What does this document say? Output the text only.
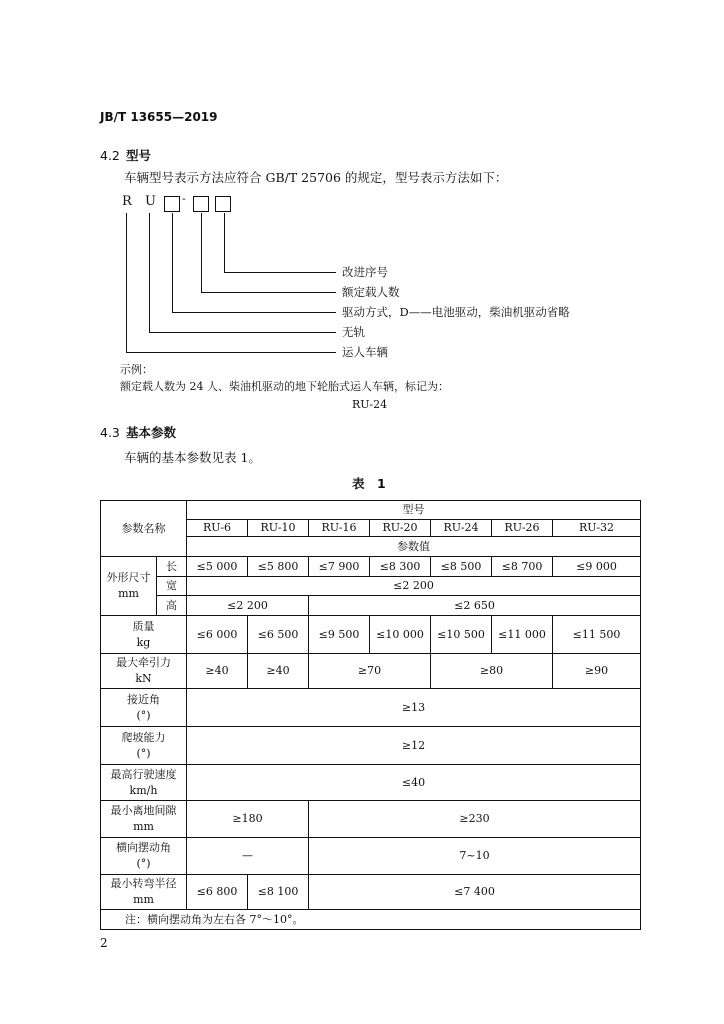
JB/T 13655—2019
4.2 型号
车辆型号表示方法应符合 GB/T 25706 的规定，型号表示方法如下：
R U -
改进序号
额定载人数
驱动方式，D——电池驱动，柴油机驱动省略
无轨
运人车辆
示例：
额定载人数为 24 人、柴油机驱动的地下轮胎式运人车辆，标记为：
RU-24
4.3 基本参数
车辆的基本参数见表 1。
表　1
参数名称		型号						
		RU-6	RU-10	RU-16	RU-20	RU-24	RU-26	RU-32
		参数值						

外形尺寸
mm	长	≤5 000	≤5 800	≤7 900	≤8 300	≤8 500	≤8 700	≤9 000
	宽	≤2 200						
	高	≤2 200		≤2 650				

质量
kg		≤6 000	≤6 500	≤9 500	≤10 000	≤10 500	≤11 000	≤11 500

最大牵引力
kN		≥40	≥40	≥70		≥80		≥90

接近角
(°)		≥13						

爬坡能力
(°)		≥12						

最高行驶速度
km/h		≤40						

最小离地间隙
mm		≥180		≥230				

横向摆动角
(°)		—		7~10				

最小转弯半径
mm		≤6 800	≤8 100	≤7 400				
注：横向摆动角为左右各 7°～10°。								
2
